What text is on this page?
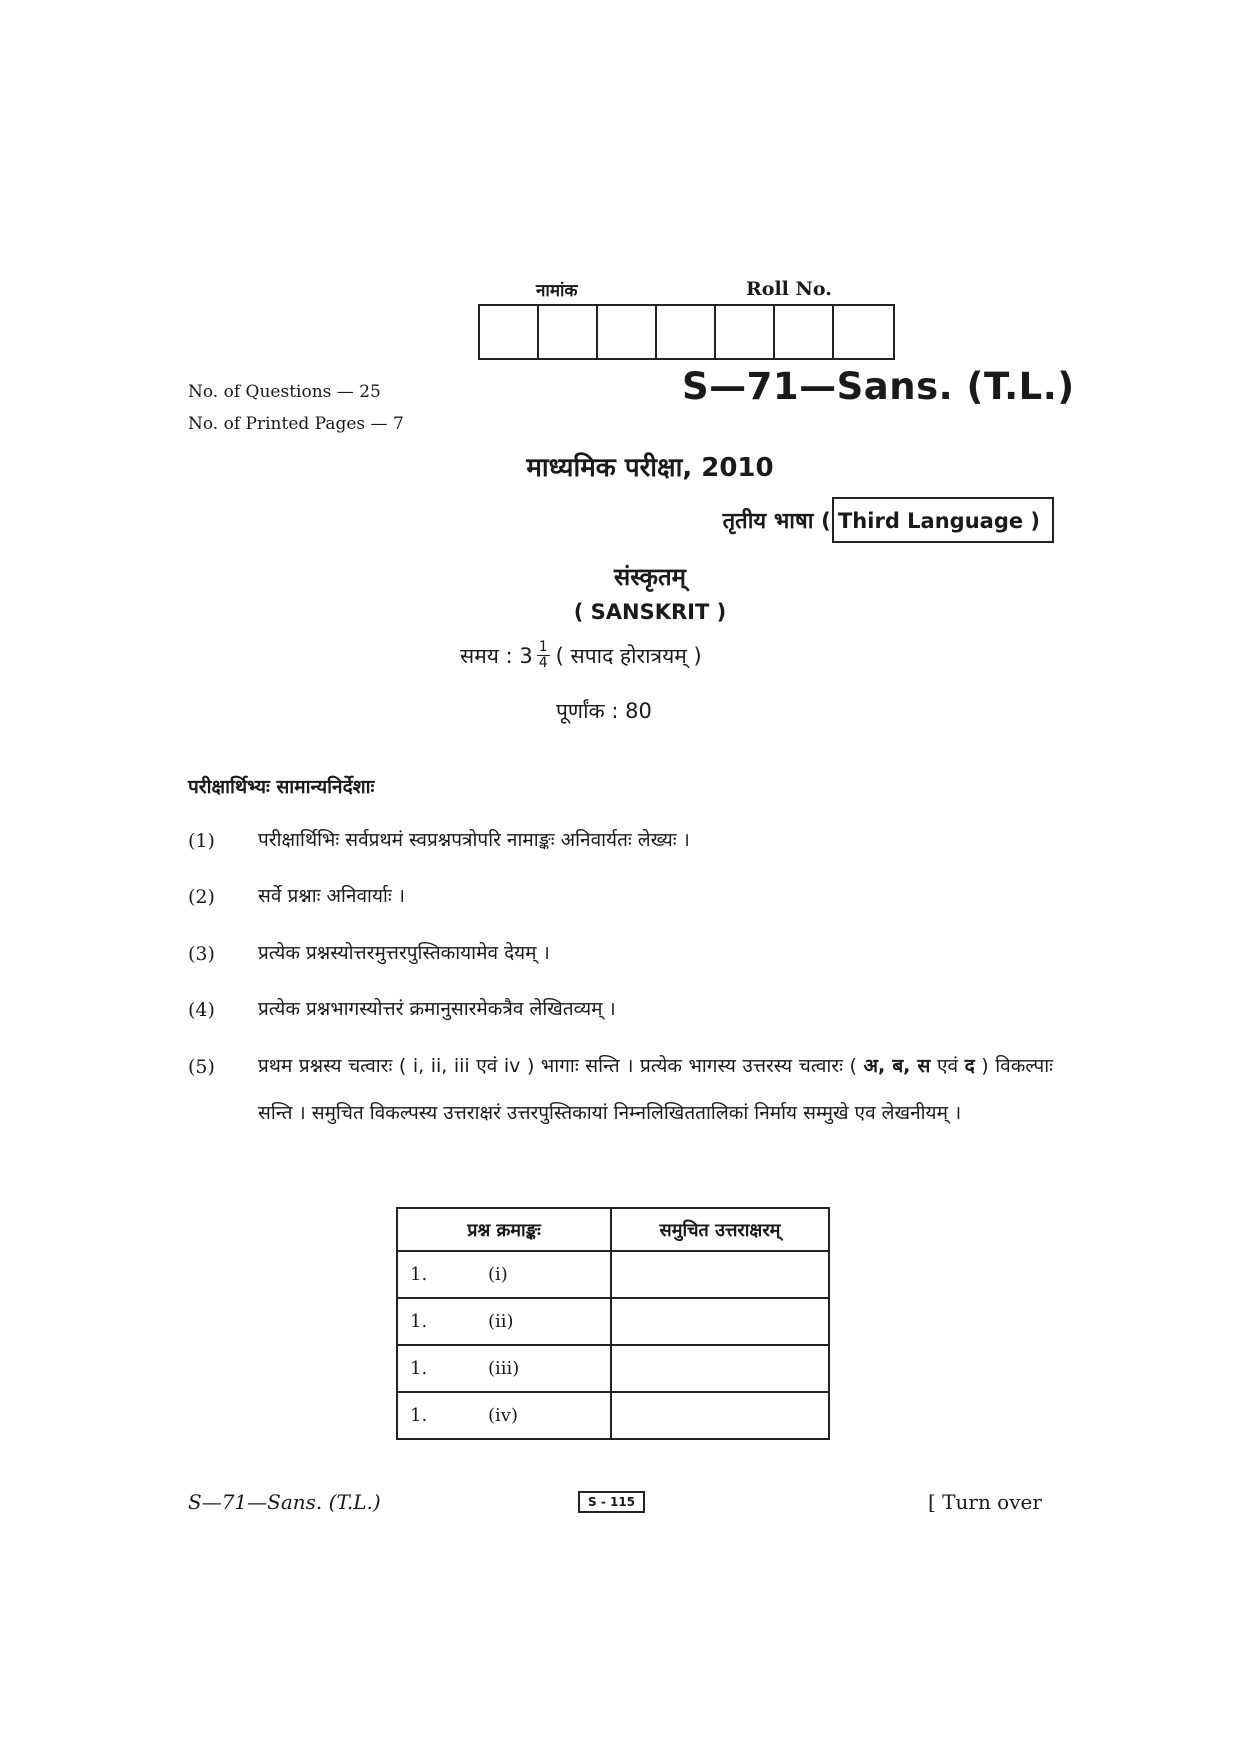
नामांक	Roll No.
No. of Questions — 25
No. of Printed Pages — 7
S—71—Sans. (T.L.)
माध्यमिक परीक्षा, 2010
तृतीय भाषा ( Third Language )
संस्कृतम्
( SANSKRIT )
समय : $3 \frac{1}{4}$ ( सपाद होरात्रयम् )
पूर्णांक : 80
परीक्षार्थिभ्यः सामान्यनिर्देशाः
(1)	परीक्षार्थिभिः सर्वप्रथमं स्वप्रश्नपत्रोपरि नामाङ्कः अनिवार्यतः लेख्यः ।
(2)	सर्वे प्रश्नाः अनिवार्याः ।
(3)	प्रत्येक प्रश्नस्योत्तरमुत्तरपुस्तिकायामेव देयम् ।
(4)	प्रत्येक प्रश्नभागस्योत्तरं क्रमानुसारमेकत्रैव लेखितव्यम् ।
(5)	प्रथम प्रश्नस्य चत्वारः ( i, ii, iii एवं iv ) भागाः सन्ति । प्रत्येक भागस्य उत्तरस्य चत्वारः ( अ, ब, स एवं द ) विकल्पाः सन्ति । समुचित विकल्पस्य उत्तराक्षरं उत्तरपुस्तिकायां निम्नलिखिततालिकां निर्माय सम्मुखे एव लेखनीयम् ।
प्रश्न क्रमाङ्कः	समुचित उत्तराक्षरम्
1. (i)	
1. (ii)	
1. (iii)	
1. (iv)	
S—71—Sans. (T.L.)	S - 115	[ Turn over
